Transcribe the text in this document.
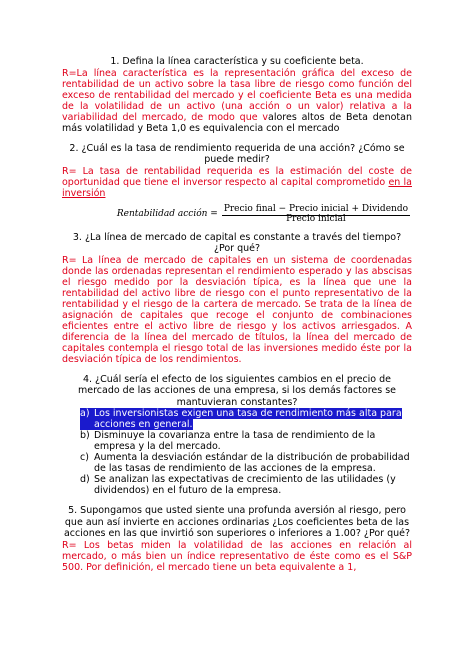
1. Defina la línea característica y su coeficiente beta.

R=La línea característica es la representación gráfica del exceso de rentabilidad de un activo sobre la tasa libre de riesgo como función del exceso de rentabilidad del mercado y el coeficiente Beta es una medida de la volatilidad de un activo (una acción o un valor) relativa a la variabilidad del mercado, de modo que valores altos de Beta denotan más volatilidad y Beta 1,0 es equivalencia con el mercado

2. ¿Cuál es la tasa de rendimiento requerida de una acción? ¿Cómo se puede medir?

R= La tasa de rentabilidad requerida es la estimación del coste de oportunidad que tiene el inversor respecto al capital comprometido en la inversión

Rentabilidad acción = Precio final − Precio inicial + Dividendo
Precio inicial

3. ¿La línea de mercado de capital es constante a través del tiempo? ¿Por qué?

R= La línea de mercado de capitales en un sistema de coordenadas donde las ordenadas representan el rendimiento esperado y las abscisas el riesgo medido por la desviación típica, es la línea que une la rentabilidad del activo libre de riesgo con el punto representativo de la rentabilidad y el riesgo de la cartera de mercado. Se trata de la línea de asignación de capitales que recoge el conjunto de combinaciones eficientes entre el activo libre de riesgo y los activos arriesgados. A diferencia de la línea del mercado de títulos, la línea del mercado de capitales contempla el riesgo total de las inversiones medido éste por la desviación típica de los rendimientos.

4. ¿Cuál sería el efecto de los siguientes cambios en el precio de mercado de las acciones de una empresa, si los demás factores se mantuvieran constantes?

a) Los inversionistas exigen una tasa de rendimiento más alta para acciones en general.
b) Disminuye la covarianza entre la tasa de rendimiento de la empresa y la del mercado.
c) Aumenta la desviación estándar de la distribución de probabilidad de las tasas de rendimiento de las acciones de la empresa.
d) Se analizan las expectativas de crecimiento de las utilidades (y dividendos) en el futuro de la empresa.

5. Supongamos que usted siente una profunda aversión al riesgo, pero que aun así invierte en acciones ordinarias ¿Los coeficientes beta de las acciones en las que invirtió son superiores o inferiores a 1.00? ¿Por qué?

R= Los betas miden la volatilidad de las acciones en relación al mercado, o más bien un índice representativo de éste como es el S&P 500. Por definición, el mercado tiene un beta equivalente a 1,
